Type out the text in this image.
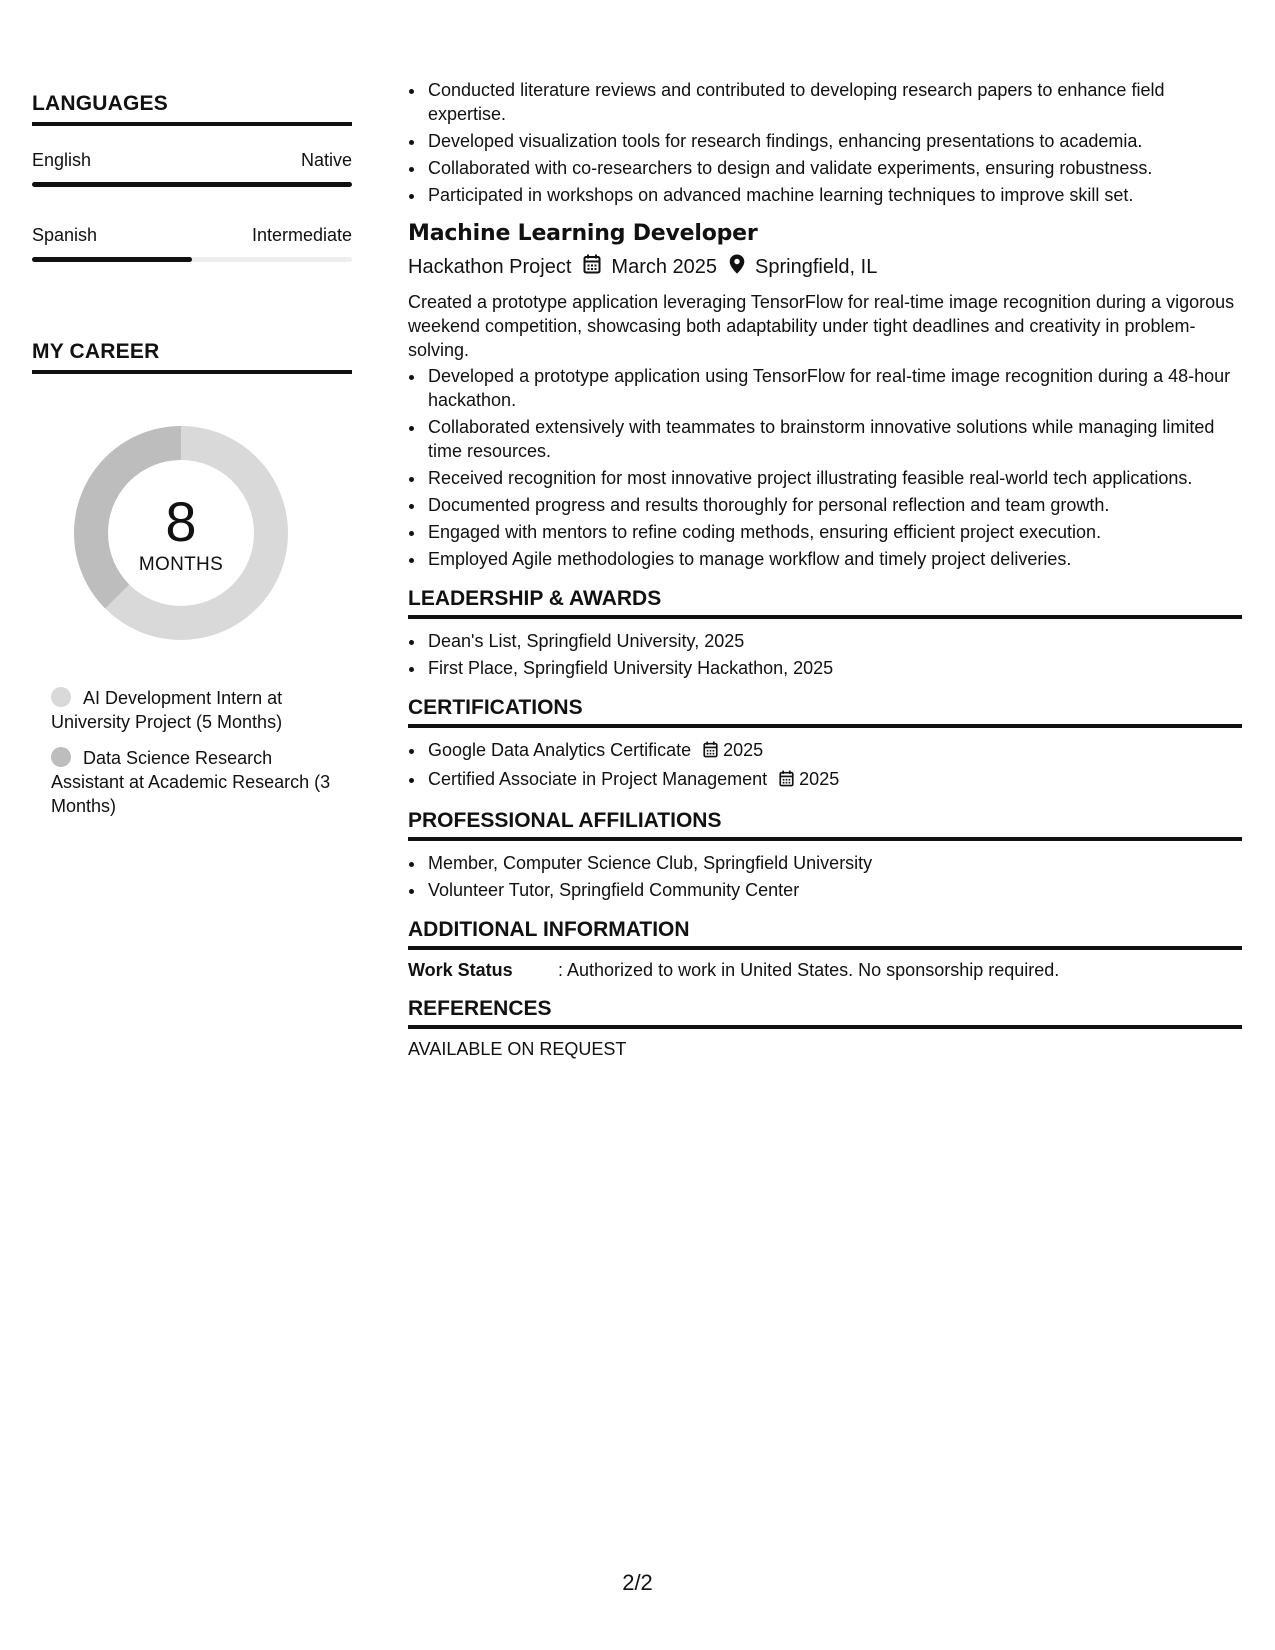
LANGUAGES
English	Native
Spanish	Intermediate
MY CAREER
8
MONTHS
AI Development Intern at University Project (5 Months)
Data Science Research Assistant at Academic Research (3 Months)
• Conducted literature reviews and contributed to developing research papers to enhance field expertise.
• Developed visualization tools for research findings, enhancing presentations to academia.
• Collaborated with co-researchers to design and validate experiments, ensuring robustness.
• Participated in workshops on advanced machine learning techniques to improve skill set.
Machine Learning Developer
Hackathon Project March 2025 Springfield, IL

Created a prototype application leveraging TensorFlow for real-time image recognition during a vigorous weekend competition, showcasing both adaptability under tight deadlines and creativity in problem-solving.

• Developed a prototype application using TensorFlow for real-time image recognition during a 48-hour hackathon.
• Collaborated extensively with teammates to brainstorm innovative solutions while managing limited time resources.
• Received recognition for most innovative project illustrating feasible real-world tech applications.
• Documented progress and results thoroughly for personal reflection and team growth.
• Engaged with mentors to refine coding methods, ensuring efficient project execution.
• Employed Agile methodologies to manage workflow and timely project deliveries.
LEADERSHIP & AWARDS
• Dean's List, Springfield University, 2025
• First Place, Springfield University Hackathon, 2025
CERTIFICATIONS
• Google Data Analytics Certificate 2025
• Certified Associate in Project Management 2025
PROFESSIONAL AFFILIATIONS
• Member, Computer Science Club, Springfield University
• Volunteer Tutor, Springfield Community Center
ADDITIONAL INFORMATION
Work Status	: Authorized to work in United States. No sponsorship required.
REFERENCES
AVAILABLE ON REQUEST
2/2
